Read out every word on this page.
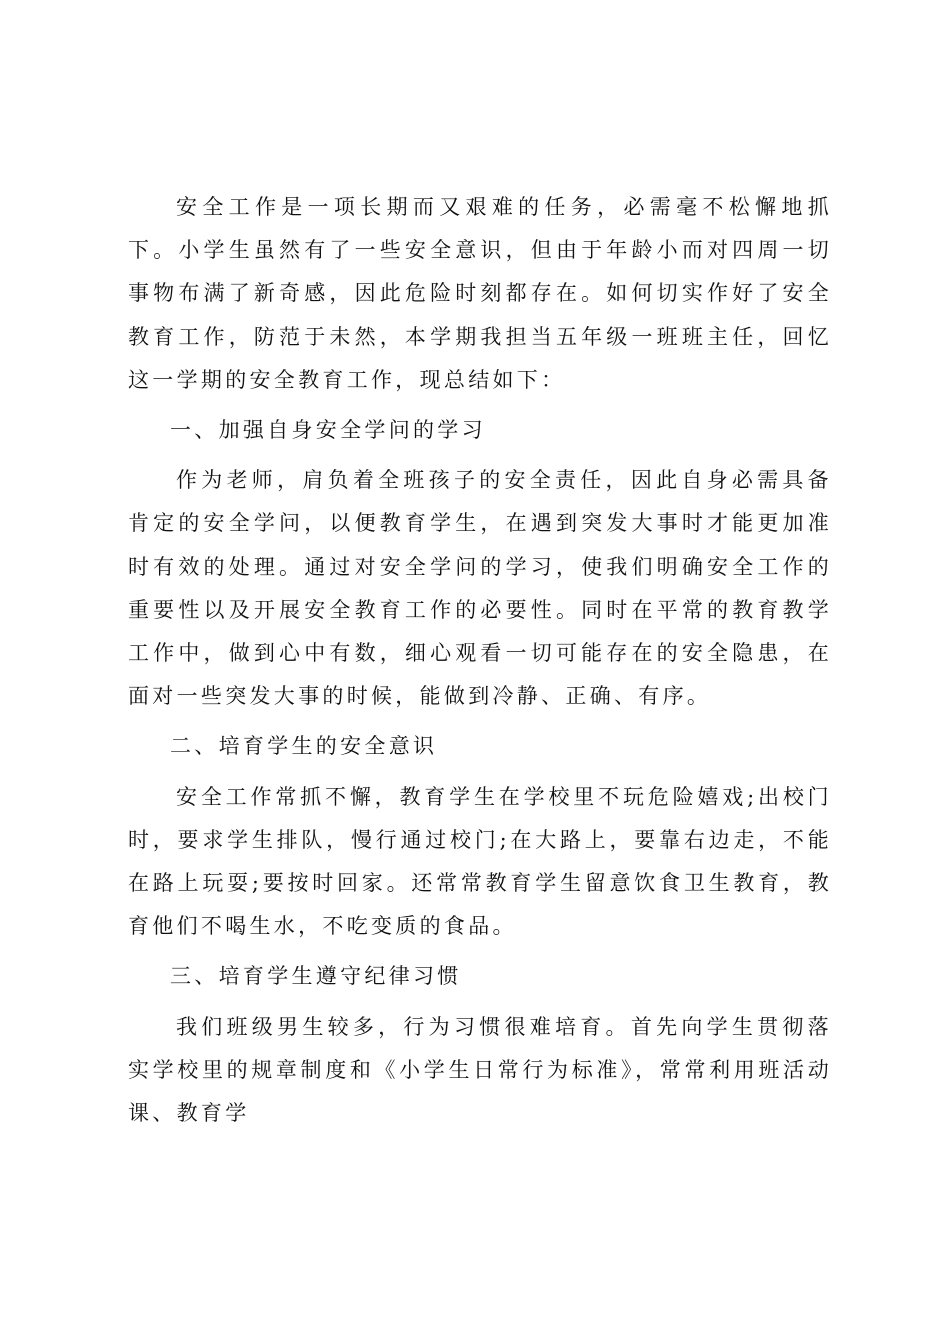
安全工作是一项长期而又艰难的任务，必需毫不松懈地抓下。小学生虽然有了一些安全意识，但由于年龄小而对四周一切事物布满了新奇感，因此危险时刻都存在。如何切实作好了安全教育工作，防范于未然，本学期我担当五年级一班班主任，回忆这一学期的安全教育工作，现总结如下：

一、加强自身安全学问的学习

作为老师，肩负着全班孩子的安全责任，因此自身必需具备肯定的安全学问，以便教育学生，在遇到突发大事时才能更加准时有效的处理。通过对安全学问的学习，使我们明确安全工作的重要性以及开展安全教育工作的必要性。同时在平常的教育教学工作中，做到心中有数，细心观看一切可能存在的安全隐患，在面对一些突发大事的时候，能做到冷静、正确、有序。

二、培育学生的安全意识

安全工作常抓不懈，教育学生在学校里不玩危险嬉戏;出校门时，要求学生排队，慢行通过校门;在大路上，要靠右边走，不能在路上玩耍;要按时回家。还常常教育学生留意饮食卫生教育，教育他们不喝生水，不吃变质的食品。

三、培育学生遵守纪律习惯

我们班级男生较多，行为习惯很难培育。首先向学生贯彻落实学校里的规章制度和《小学生日常行为标准》，常常利用班活动课、教育学
